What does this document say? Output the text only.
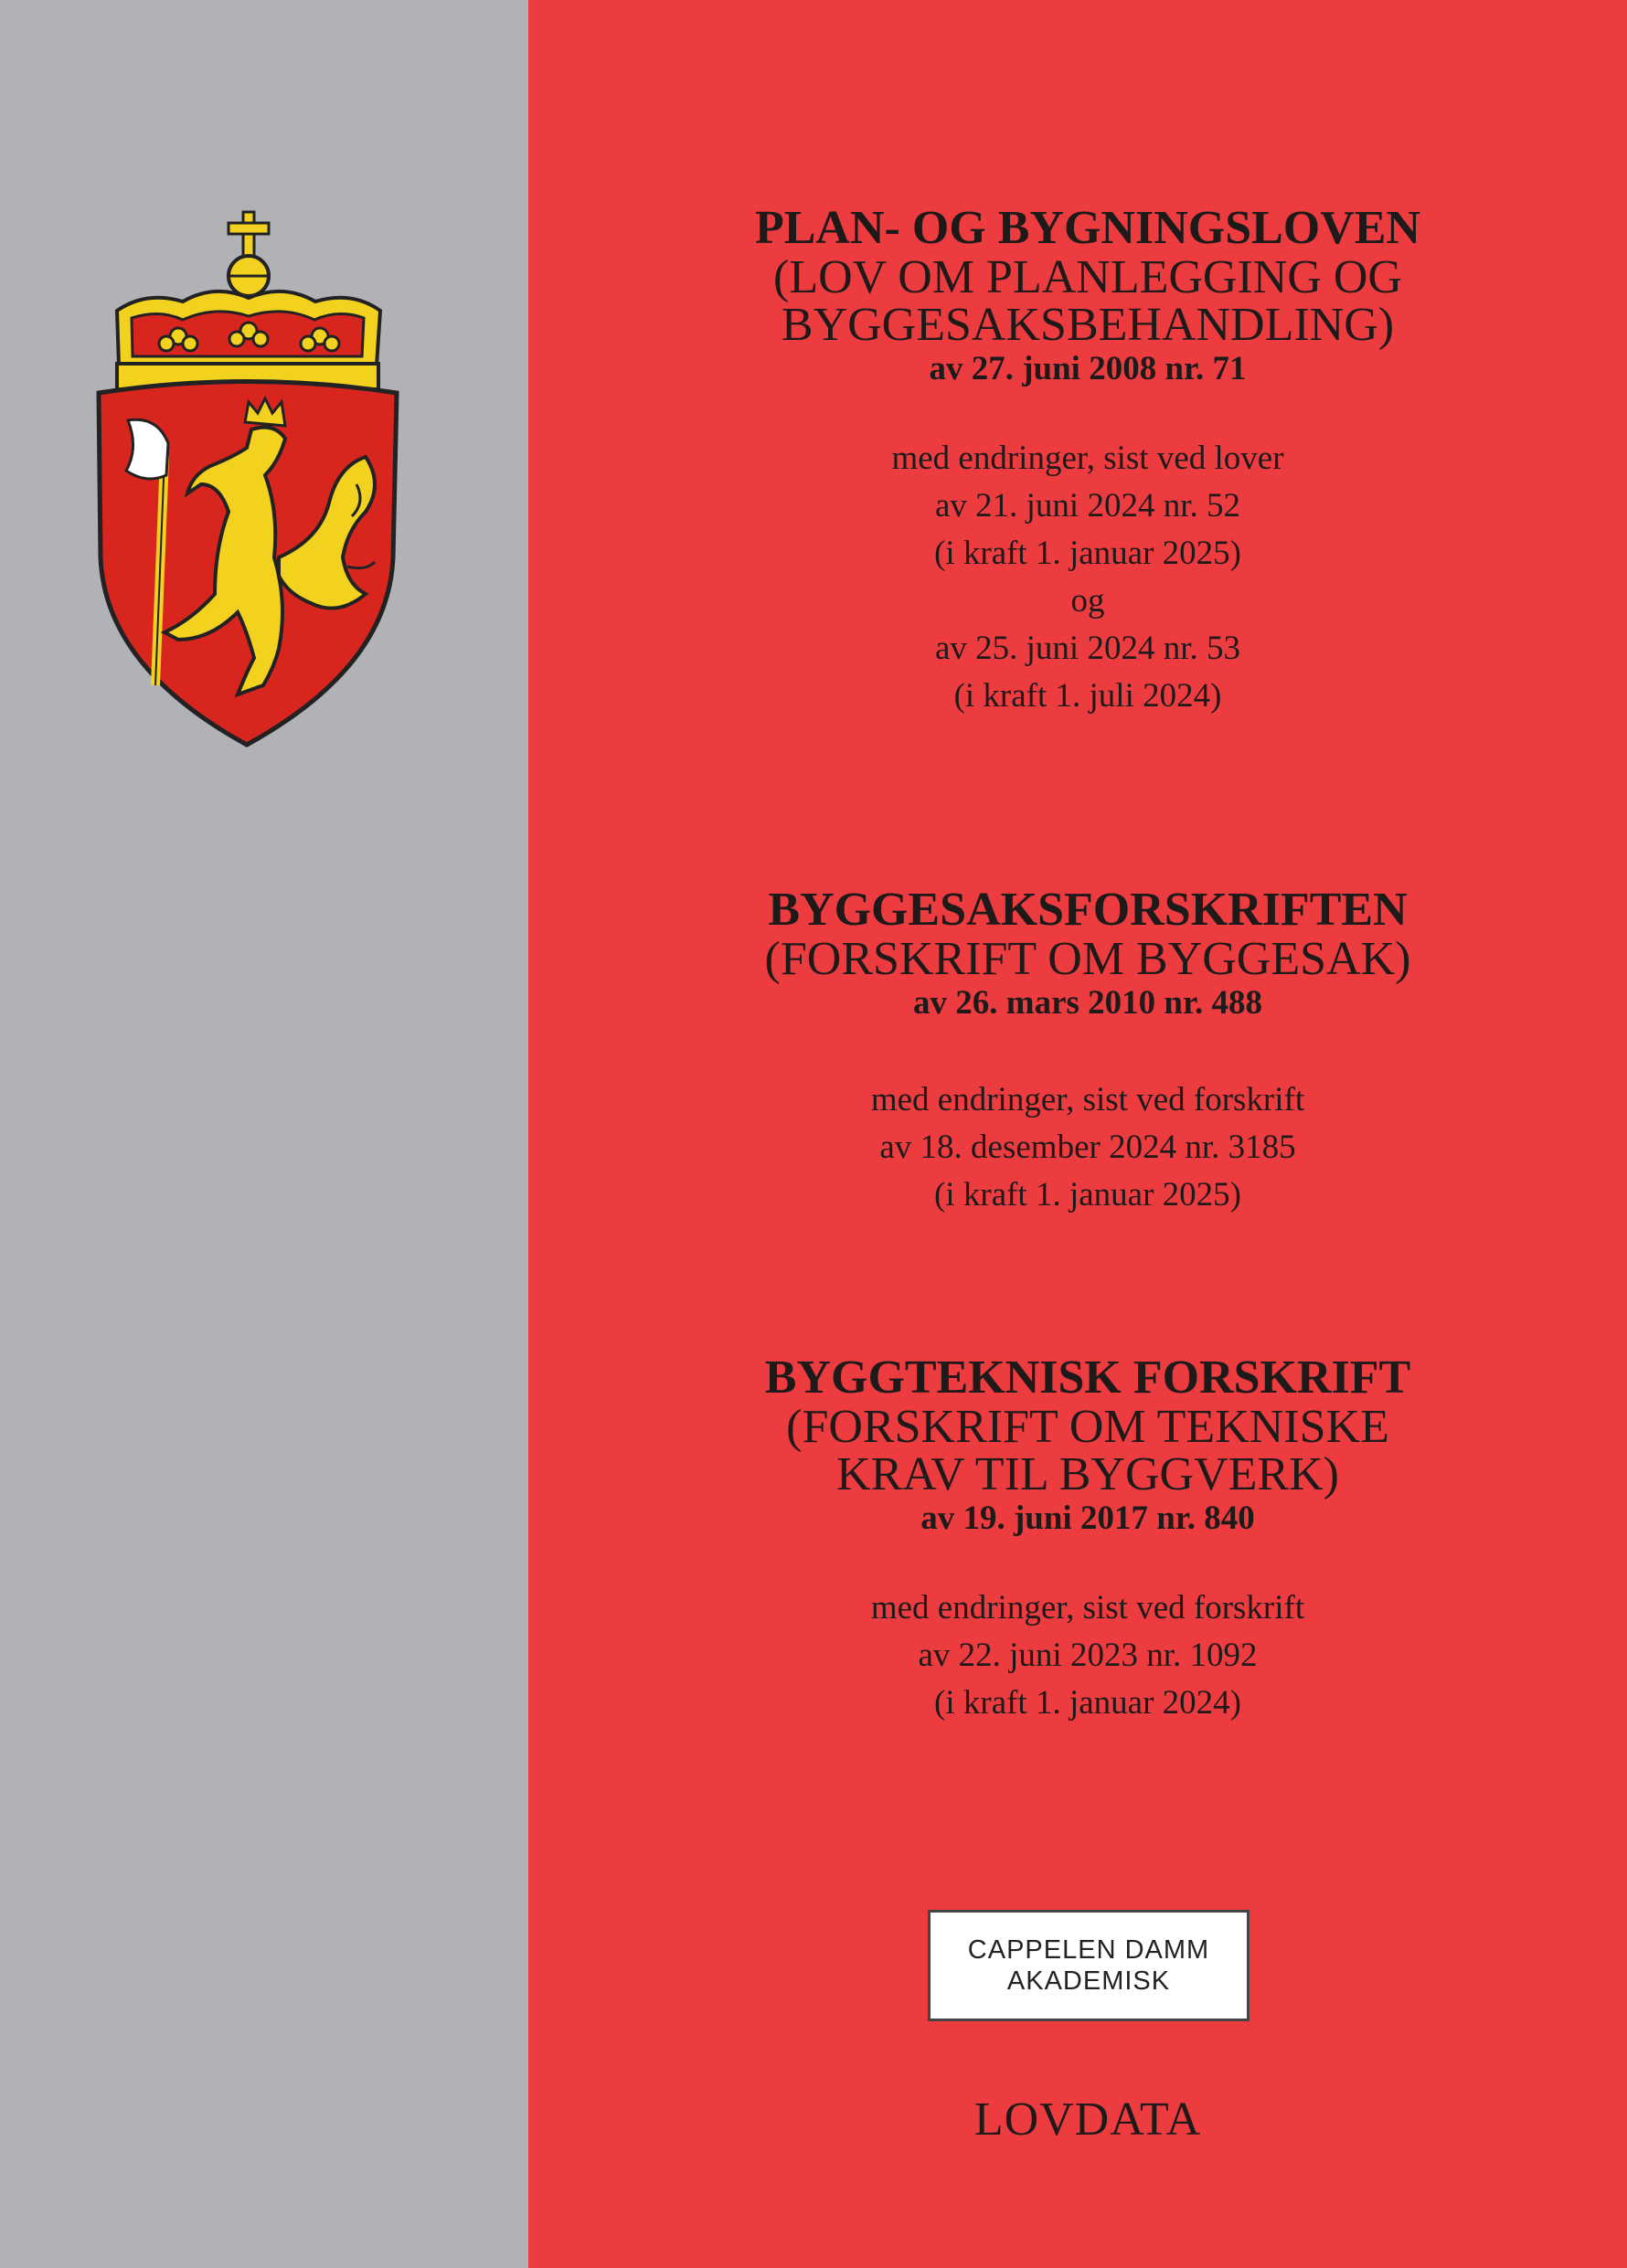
PLAN- OG BYGNINGSLOVEN
(LOV OM PLANLEGGING OG
BYGGESAKSBEHANDLING)
av 27. juni 2008 nr. 71
med endringer, sist ved lover
av 21. juni 2024 nr. 52
(i kraft 1. januar 2025)
og
av 25. juni 2024 nr. 53
(i kraft 1. juli 2024)
BYGGESAKSFORSKRIFTEN
(FORSKRIFT OM BYGGESAK)
av 26. mars 2010 nr. 488
med endringer, sist ved forskrift
av 18. desember 2024 nr. 3185
(i kraft 1. januar 2025)
BYGGTEKNISK FORSKRIFT
(FORSKRIFT OM TEKNISKE
KRAV TIL BYGGVERK)
av 19. juni 2017 nr. 840
med endringer, sist ved forskrift
av 22. juni 2023 nr. 1092
(i kraft 1. januar 2024)
CAPPELEN DAMM
AKADEMISK
LOVDATA
